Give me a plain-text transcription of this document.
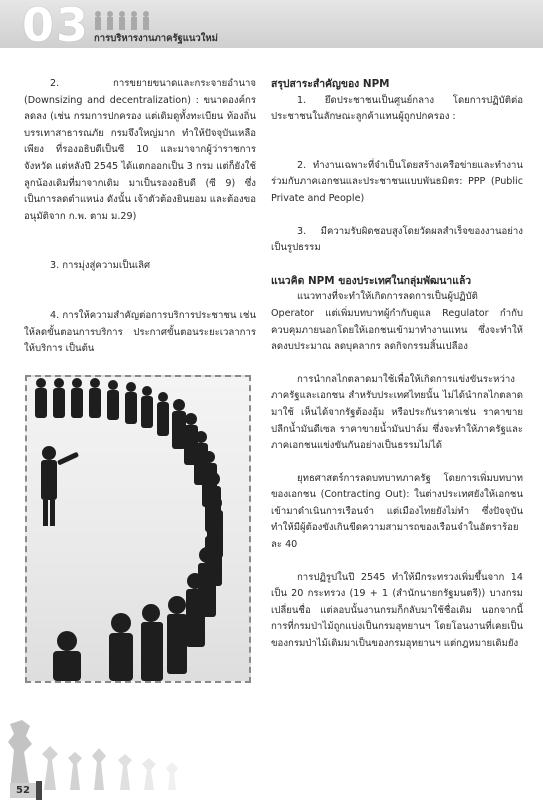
03 การบริหารงานภาครัฐแนวใหม่

2. การขยายขนาดและกระจายอำนาจ (Downsizing and decentralization) : ขนาดองค์กรลดลง (เช่น กรมการปกครอง แต่เดิมดูทั้งทะเบียน ท้องถิ่น บรรเทาสาธารณภัย กรมจึงใหญ่มาก ทำให้ปัจจุบันเหลือเพียง ที่รองอธิบดีเป็นซี 10 และมาจากผู้ว่าราชการจังหวัด แต่หลังปี 2545 ได้แตกออกเป็น 3 กรม แต่ก็ยังใช้ลูกน้องเดิมที่มาจากเดิม มาเป็นรองอธิบดี (ซี 9) ซึ่งเป็นการลดตำแหน่ง ดังนั้น เจ้าตัวต้องยินยอม และต้องขออนุมัติจาก ก.พ. ตาม ม.29)

3. การมุ่งสู่ความเป็นเลิศ

4. การให้ความสำคัญต่อการบริการประชาชน เช่น ให้ลดขั้นตอนการบริการ ประกาศขั้นตอนระยะเวลาการให้บริการ เป็นต้น

สรุปสาระสำคัญของ NPM

1. ยึดประชาชนเป็นศูนย์กลาง โดยการปฏิบัติต่อประชาชนในลักษณะลูกค้าแทนผู้ถูกปกครอง :

2. ทำงานเฉพาะที่จำเป็นโดยสร้างเครือข่ายและทำงานร่วมกับภาคเอกชนและประชาชนแบบพันธมิตร: PPP (Public Private and People)

3. มีความรับผิดชอบสูงโดยวัดผลสำเร็จของงานอย่างเป็นรูปธรรม

แนวคิด NPM ของประเทศในกลุ่มพัฒนาแล้ว

แนวทางที่จะทำให้เกิดการลดการเป็นผู้ปฏิบัติ Operator แต่เพิ่มบทบาทผู้กำกับดูแล Regulator กำกับควบคุมภายนอกโดยให้เอกชนเข้ามาทำงานแทน ซึ่งจะทำให้ลดงบประมาณ ลดบุคลากร ลดกิจกรรมสิ้นเปลือง

การนำกลไกตลาดมาใช้เพื่อให้เกิดการแข่งขันระหว่างภาครัฐและเอกชน สำหรับประเทศไทยนั้น ไม่ได้นำกลไกตลาดมาใช้ เห็นได้จากรัฐต้องอุ้ม หรือประกันราคาเช่น ราคาขายปลีกน้ำมันดีเซล ราคาขายน้ำมันปาล์ม ซึ่งจะทำให้ภาครัฐและภาคเอกชนแข่งขันกันอย่างเป็นธรรมไม่ได้

ยุทธศาสตร์การลดบทบาทภาครัฐ โดยการเพิ่มบทบาทของเอกชน (Contracting Out): ในต่างประเทศยังให้เอกชนเข้ามาดำเนินการเรือนจำ แต่เมืองไทยยังไม่ทำ ซึ่งปัจจุบันทำให้มีผู้ต้องขังเกินขีดความสามารถของเรือนจำในอัตราร้อยละ 40

การปฏิรูปในปี 2545 ทำให้มีกระทรวงเพิ่มขึ้นจาก 14 เป็น 20 กระทรวง (19 + 1 (สำนักนายกรัฐมนตรี)) บางกรมเปลี่ยนชื่อ แต่ลอบนั้นงานกรมก็กลับมาใช้ชื่อเดิม นอกจากนี้การที่กรมป่าไม้ถูกแบ่งเป็นกรมอุทยานฯ โดยโอนงานที่เคยเป็นของกรมป่าไม้เดิมมาเป็นของกรมอุทยานฯ แต่กฎหมายเดิมยัง

52
